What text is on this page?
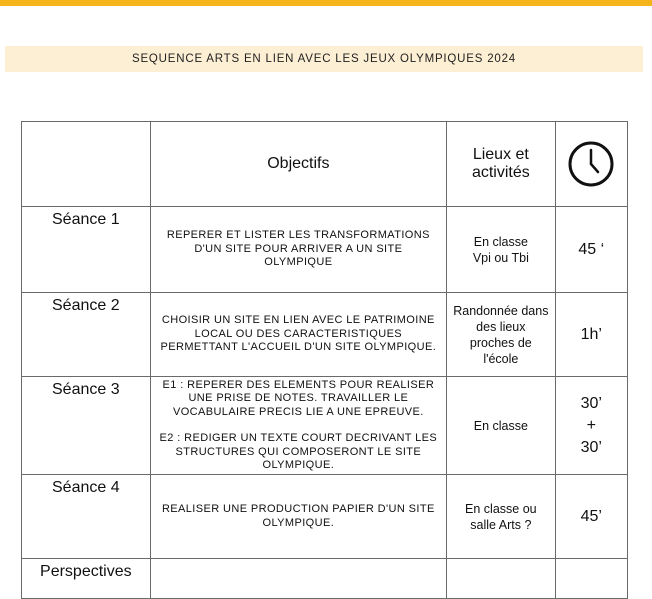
SEQUENCE ARTS EN LIEN AVEC LES JEUX OLYMPIQUES 2024
	Objectifs	Lieux et
activités	

Séance 1	REPERER ET LISTER LES TRANSFORMATIONS D'UN SITE POUR ARRIVER A UN SITE OLYMPIQUE	En classe
Vpi ou Tbi	45 ‘

Séance 2	CHOISIR UN SITE EN LIEN AVEC LE PATRIMOINE LOCAL OU DES CARACTERISTIQUES PERMETTANT L'ACCUEIL D'UN SITE OLYMPIQUE.	Randonnée dans
des lieux
proches de
l'école	1h’

Séance 3	E1 : REPERER DES ELEMENTS POUR REALISER UNE PRISE DE NOTES. TRAVAILLER LE VOCABULAIRE PRECIS LIE A UNE EPREUVE.
E2 : REDIGER UN TEXTE COURT DECRIVANT LES STRUCTURES QUI COMPOSERONT LE SITE OLYMPIQUE.	En classe	30’
+
30’

Séance 4	REALISER UNE PRODUCTION PAPIER D'UN SITE OLYMPIQUE.	En classe ou
salle Arts ?	45’

Perspectives			
